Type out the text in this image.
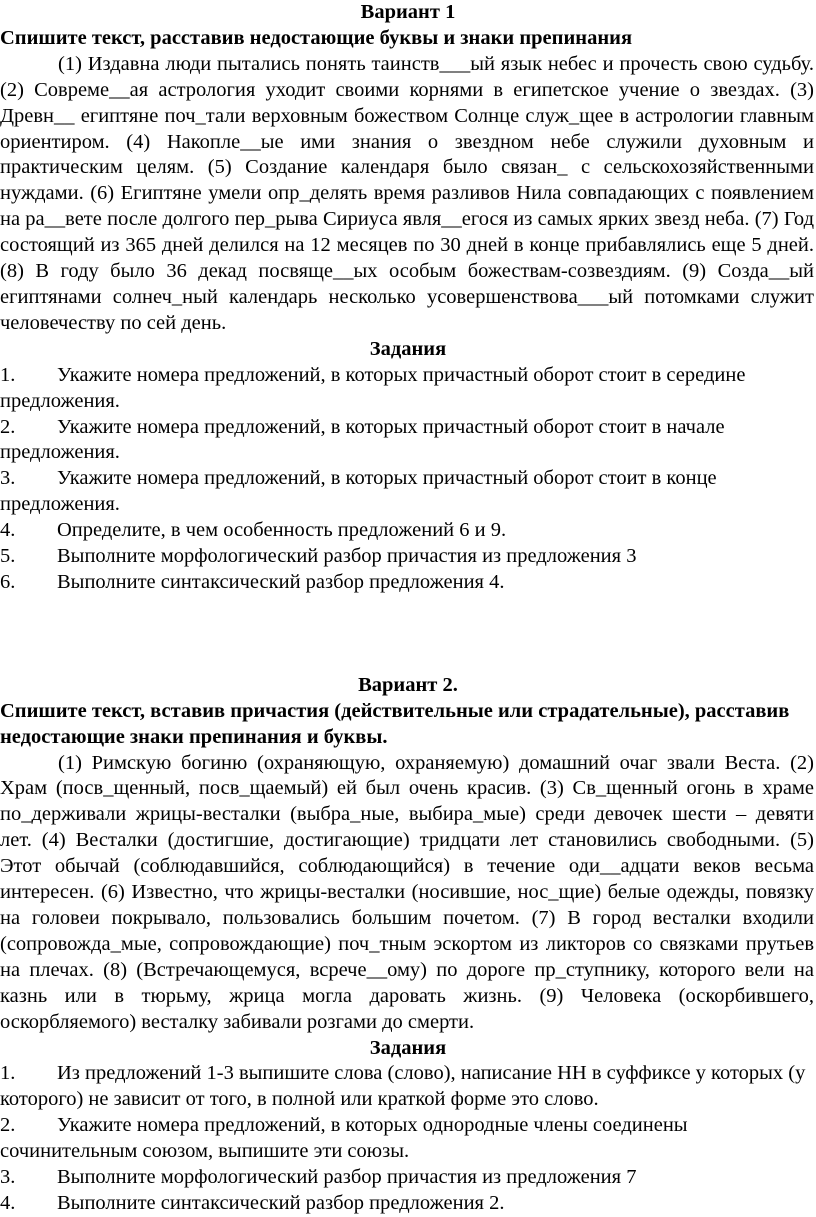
Вариант 1

Спишите текст, расставив недостающие буквы и знаки препинания

(1) Издавна люди пытались понять таинств___ый язык небес и прочесть свою судьбу. (2) Совреме__ая астрология уходит своими корнями в египетское учение о звездах. (3) Древн__ египтяне поч_тали верховным божеством Солнце служ_щее в астрологии главным ориентиром. (4) Накопле__ые ими знания о звездном небе служили духовным и практическим целям. (5) Создание календаря было связан_ с сельскохозяйственными нуждами. (6) Египтяне умели опр_делять время разливов Нила совпадающих с появлением на ра__вете после долгого пер_рыва Сириуса явля__егося из самых ярких звезд неба. (7) Год состоящий из 365 дней делился на 12 месяцев по 30 дней в конце прибавлялись еще 5 дней. (8) В году было 36 декад посвяще__ых особым божествам-созвездиям. (9) Созда__ый египтянами солнеч_ный календарь несколько усовершенствова___ый потомками служит человечеству по сей день.

Задания

1. Укажите номера предложений, в которых причастный оборот стоит в середине предложения.

2. Укажите номера предложений, в которых причастный оборот стоит в начале предложения.

3. Укажите номера предложений, в которых причастный оборот стоит в конце предложения.

4. Определите, в чем особенность предложений 6 и 9.

5. Выполните морфологический разбор причастия из предложения 3

6. Выполните синтаксический разбор предложения 4.

Вариант 2.

Спишите текст, вставив причастия (действительные или страдательные), расставив недостающие знаки препинания и буквы.

(1) Римскую богиню (охраняющую, охраняемую) домашний очаг звали Веста. (2) Храм (посв_щенный, посв_щаемый) ей был очень красив. (3) Св_щенный огонь в храме по_держивали жрицы-весталки (выбра_ные, выбира_мые) среди девочек шести – девяти лет. (4) Весталки (достигшие, достигающие) тридцати лет становились свободными. (5) Этот обычай (соблюдавшийся, соблюдающийся) в течение оди__адцати веков весьма интересен. (6) Известно, что жрицы-весталки (носившие, нос_щие) белые одежды, повязку на головеи покрывало, пользовались большим почетом. (7) В город весталки входили (сопровожда_мые, сопровождающие) поч_тным эскортом из ликторов со связками прутьев на плечах. (8) (Встречающемуся, всрече__ому) по дороге пр_ступнику, которого вели на казнь или в тюрьму, жрица могла даровать жизнь. (9) Человека (оскорбившего, оскорбляемого) весталку забивали розгами до смерти.

Задания

1. Из предложений 1-3 выпишите слова (слово), написание НН в суффиксе у которых (у которого) не зависит от того, в полной или краткой форме это слово.

2. Укажите номера предложений, в которых однородные члены соединены сочинительным союзом, выпишите эти союзы.

3. Выполните морфологический разбор причастия из предложения 7

4. Выполните синтаксический разбор предложения 2.
